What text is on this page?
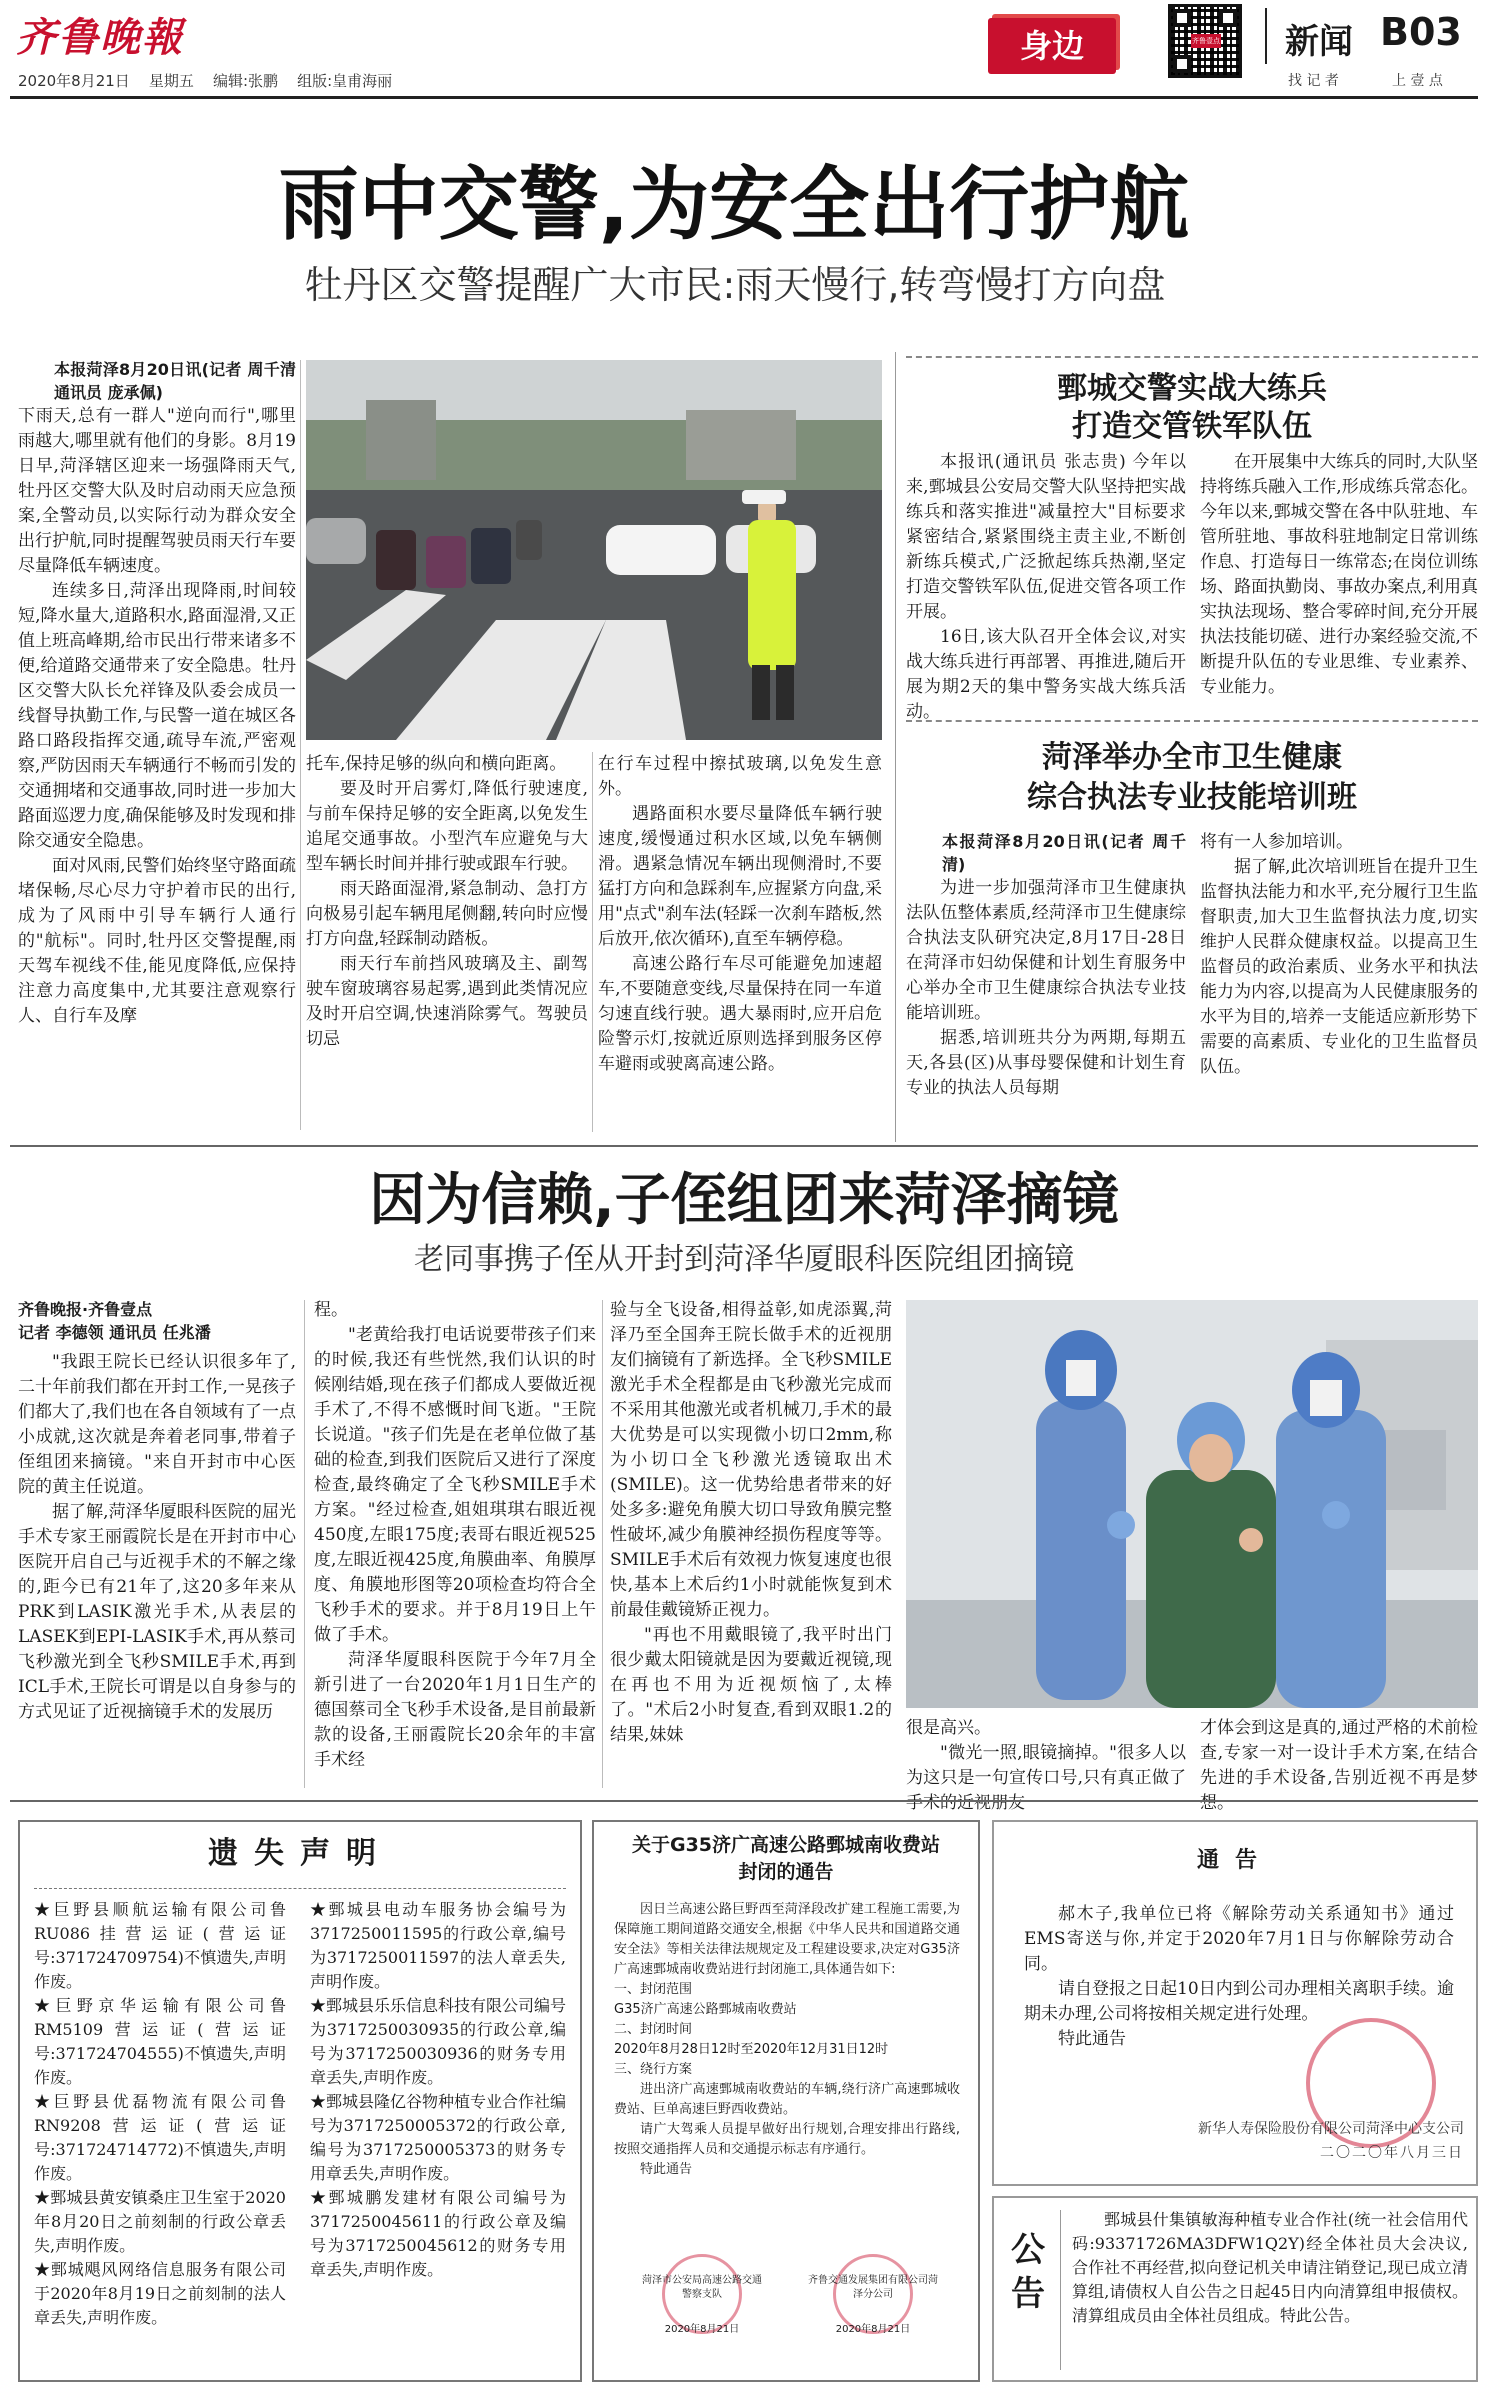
齐鲁晚報
2020年8月21日 星期五 编辑:张鹏 组版:皇甫海丽
身边	齐鲁壹点 新闻 B03
找 记 者	上 壹 点
雨中交警,为安全出行护航
牡丹区交警提醒广大市民:雨天慢行,转弯慢打方向盘

本报菏泽8月20日讯(记者 周千清 通讯员 庞承佩)

下雨天,总有一群人"逆向而行",哪里雨越大,哪里就有他们的身影。8月19日早,菏泽辖区迎来一场强降雨天气,牡丹区交警大队及时启动雨天应急预案,全警动员,以实际行动为群众安全出行护航,同时提醒驾驶员雨天行车要尽量降低车辆速度。

连续多日,菏泽出现降雨,时间较短,降水量大,道路积水,路面湿滑,又正值上班高峰期,给市民出行带来诸多不便,给道路交通带来了安全隐患。牡丹区交警大队长允祥锋及队委会成员一线督导执勤工作,与民警一道在城区各路口路段指挥交通,疏导车流,严密观察,严防因雨天车辆通行不畅而引发的交通拥堵和交通事故,同时进一步加大路面巡逻力度,确保能够及时发现和排除交通安全隐患。

面对风雨,民警们始终坚守路面疏堵保畅,尽心尽力守护着市民的出行,成为了风雨中引导车辆行人通行的"航标"。同时,牡丹区交警提醒,雨天驾车视线不佳,能见度降低,应保持注意力高度集中,尤其要注意观察行人、自行车及摩

托车,保持足够的纵向和横向距离。

要及时开启雾灯,降低行驶速度,与前车保持足够的安全距离,以免发生追尾交通事故。小型汽车应避免与大型车辆长时间并排行驶或跟车行驶。

雨天路面湿滑,紧急制动、急打方向极易引起车辆甩尾侧翻,转向时应慢打方向盘,轻踩制动踏板。

雨天行车前挡风玻璃及主、副驾驶车窗玻璃容易起雾,遇到此类情况应及时开启空调,快速消除雾气。驾驶员切忌

在行车过程中擦拭玻璃,以免发生意外。

遇路面积水要尽量降低车辆行驶速度,缓慢通过积水区域,以免车辆侧滑。遇紧急情况车辆出现侧滑时,不要猛打方向和急踩刹车,应握紧方向盘,采用"点式"刹车法(轻踩一次刹车踏板,然后放开,依次循环),直至车辆停稳。

高速公路行车尽可能避免加速超车,不要随意变线,尽量保持在同一车道匀速直线行驶。遇大暴雨时,应开启危险警示灯,按就近原则选择到服务区停车避雨或驶离高速公路。

鄄城交警实战大练兵
打造交管铁军队伍

本报讯(通讯员 张志贵) 今年以来,鄄城县公安局交警大队坚持把实战练兵和落实推进"减量控大"目标要求紧密结合,紧紧围绕主责主业,不断创新练兵模式,广泛掀起练兵热潮,坚定打造交警铁军队伍,促进交管各项工作开展。

16日,该大队召开全体会议,对实战大练兵进行再部署、再推进,随后开展为期2天的集中警务实战大练兵活动。

在开展集中大练兵的同时,大队坚持将练兵融入工作,形成练兵常态化。今年以来,鄄城交警在各中队驻地、车管所驻地、事故科驻地制定日常训练作息、打造每日一练常态;在岗位训练场、路面执勤岗、事故办案点,利用真实执法现场、整合零碎时间,充分开展执法技能切磋、进行办案经验交流,不断提升队伍的专业思维、专业素养、专业能力。

菏泽举办全市卫生健康
综合执法专业技能培训班

本报菏泽8月20日讯(记者 周千清)

为进一步加强菏泽市卫生健康执法队伍整体素质,经菏泽市卫生健康综合执法支队研究决定,8月17日-28日在菏泽市妇幼保健和计划生育服务中心举办全市卫生健康综合执法专业技能培训班。

据悉,培训班共分为两期,每期五天,各县(区)从事母婴保健和计划生育专业的执法人员每期

将有一人参加培训。

据了解,此次培训班旨在提升卫生监督执法能力和水平,充分履行卫生监督职责,加大卫生监督执法力度,切实维护人民群众健康权益。以提高卫生监督员的政治素质、业务水平和执法能力为内容,以提高为人民健康服务的水平为目的,培养一支能适应新形势下需要的高素质、专业化的卫生监督员队伍。

因为信赖,子侄组团来菏泽摘镜
老同事携子侄从开封到菏泽华厦眼科医院组团摘镜

齐鲁晚报·齐鲁壹点

记者 李德领 通讯员 任兆潘

"我跟王院长已经认识很多年了,二十年前我们都在开封工作,一晃孩子们都大了,我们也在各自领域有了一点小成就,这次就是奔着老同事,带着子侄组团来摘镜。"来自开封市中心医院的黄主任说道。

据了解,菏泽华厦眼科医院的屈光手术专家王丽霞院长是在开封市中心医院开启自己与近视手术的不解之缘的,距今已有21年了,这20多年来从PRK到LASIK激光手术,从表层的LASEK到EPI-LASIK手术,再从蔡司飞秒激光到全飞秒SMILE手术,再到ICL手术,王院长可谓是以自身参与的方式见证了近视摘镜手术的发展历

程。

"老黄给我打电话说要带孩子们来的时候,我还有些恍然,我们认识的时候刚结婚,现在孩子们都成人要做近视手术了,不得不感慨时间飞逝。"王院长说道。"孩子们先是在老单位做了基础的检查,到我们医院后又进行了深度检查,最终确定了全飞秒SMILE手术方案。"经过检查,姐姐琪琪右眼近视450度,左眼175度;表哥右眼近视525度,左眼近视425度,角膜曲率、角膜厚度、角膜地形图等20项检查均符合全飞秒手术的要求。并于8月19日上午做了手术。

菏泽华厦眼科医院于今年7月全新引进了一台2020年1月1日生产的德国蔡司全飞秒手术设备,是目前最新款的设备,王丽霞院长20余年的丰富手术经

验与全飞设备,相得益彰,如虎添翼,菏泽乃至全国奔王院长做手术的近视朋友们摘镜有了新选择。全飞秒SMILE激光手术全程都是由飞秒激光完成而不采用其他激光或者机械刀,手术的最大优势是可以实现微小切口2mm,称为小切口全飞秒激光透镜取出术(SMILE)。这一优势给患者带来的好处多多:避免角膜大切口导致角膜完整性破坏,减少角膜神经损伤程度等等。SMILE手术后有效视力恢复速度也很快,基本上术后约1小时就能恢复到术前最佳戴镜矫正视力。

"再也不用戴眼镜了,我平时出门很少戴太阳镜就是因为要戴近视镜,现在再也不用为近视烦恼了,太棒了。"术后2小时复查,看到双眼1.2的结果,妹妹	很是高兴。

"微光一照,眼镜摘掉。"很多人以为这只是一句宣传口号,只有真正做了手术的近视朋友

才体会到这是真的,通过严格的术前检查,专家一对一设计手术方案,在结合先进的手术设备,告别近视不再是梦想。

遗失声明

★巨野县顺航运输有限公司鲁RU086挂营运证(营运证号:371724709754)不慎遗失,声明作废。

★巨野京华运输有限公司鲁RM5109营运证(营运证号:371724704555)不慎遗失,声明作废。

★巨野县优磊物流有限公司鲁RN9208营运证(营运证号:371724714772)不慎遗失,声明作废。

★鄄城县黄安镇桑庄卫生室于2020年8月20日之前刻制的行政公章丢失,声明作废。

★鄄城飓风网络信息服务有限公司于2020年8月19日之前刻制的法人章丢失,声明作废。

★鄄城县电动车服务协会编号为3717250011595的行政公章,编号为3717250011597的法人章丢失,声明作废。

★鄄城县乐乐信息科技有限公司编号为3717250030935的行政公章,编号为3717250030936的财务专用章丢失,声明作废。

★鄄城县隆亿谷物种植专业合作社编号为3717250005372的行政公章,编号为3717250005373的财务专用章丢失,声明作废。

★鄄城鹏发建材有限公司编号为3717250045611的行政公章及编号为3717250045612的财务专用章丢失,声明作废。

关于G35济广高速公路鄄城南收费站
封闭的通告

因日兰高速公路巨野西至菏泽段改扩建工程施工需要,为保障施工期间道路交通安全,根据《中华人民共和国道路交通安全法》等相关法律法规规定及工程建设要求,决定对G35济广高速鄄城南收费站进行封闭施工,具体通告如下:

一、封闭范围

G35济广高速公路鄄城南收费站

二、封闭时间

2020年8月28日12时至2020年12月31日12时

三、绕行方案

进出济广高速鄄城南收费站的车辆,绕行济广高速鄄城收费站、巨单高速巨野西收费站。

请广大驾乘人员提早做好出行规划,合理安排出行路线,按照交通指挥人员和交通提示标志有序通行。

特此通告

菏泽市公安局高速公路交通警察支队
2020年8月21日
齐鲁交通发展集团有限公司菏泽分公司
2020年8月21日
通告

郝木子,我单位已将《解除劳动关系通知书》通过EMS寄送与你,并定于2020年7月1日与你解除劳动合同。

请自登报之日起10日内到公司办理相关离职手续。逾期未办理,公司将按相关规定进行处理。

特此通告

新华人寿保险股份有限公司菏泽中心支公司
二〇二〇年八月三日
公告

鄄城县什集镇敏海种植专业合作社(统一社会信用代码:93371726MA3DFW1Q2Y)经全体社员大会决议,合作社不再经营,拟向登记机关申请注销登记,现已成立清算组,请债权人自公告之日起45日内向清算组申报债权。清算组成员由全体社员组成。特此公告。
